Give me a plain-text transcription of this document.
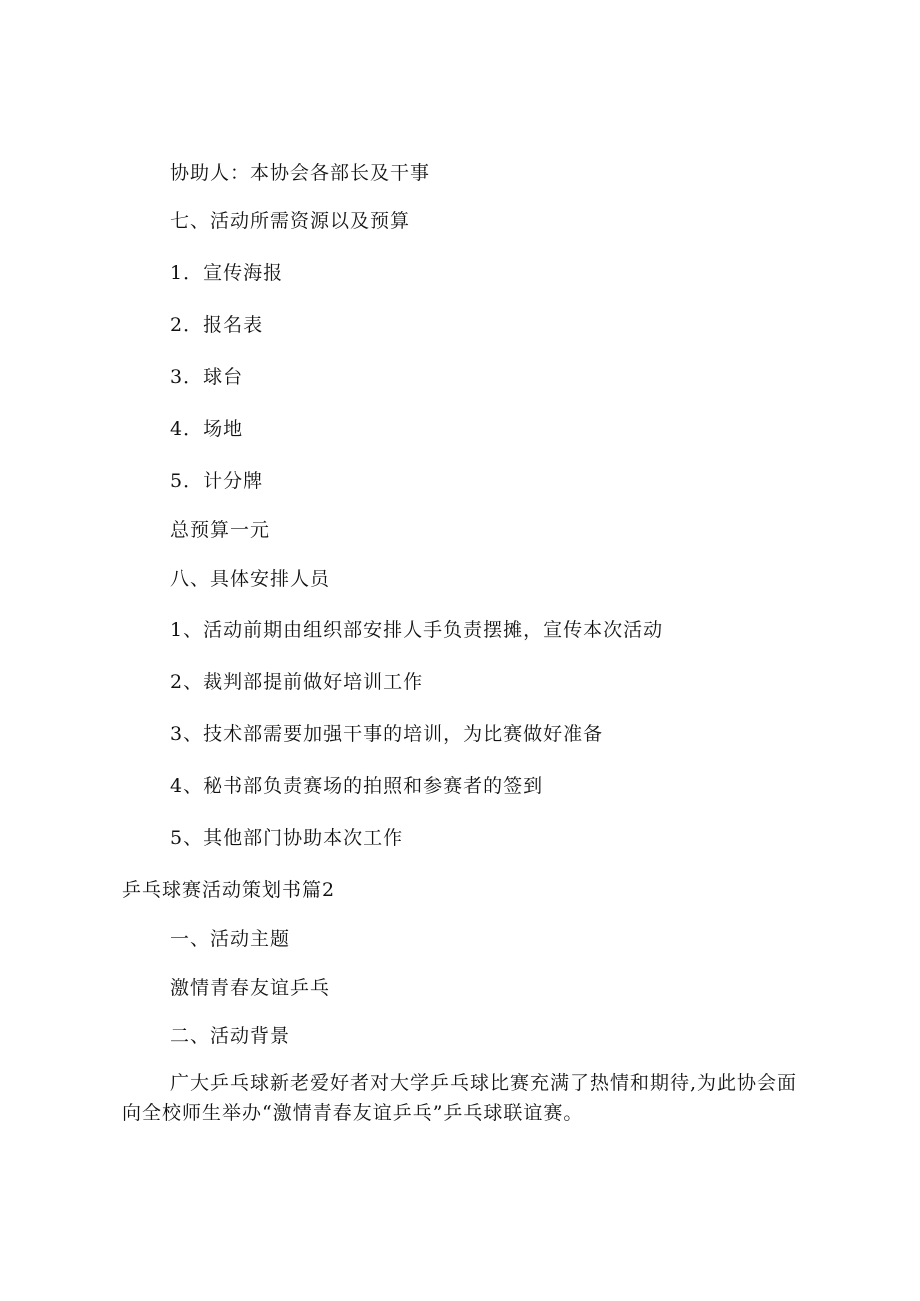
协助人：本协会各部长及干事
七、活动所需资源以及预算
1．宣传海报
2．报名表
3．球台
4．场地
5．计分牌
总预算一元
八、具体安排人员
1、活动前期由组织部安排人手负责摆摊，宣传本次活动
2、裁判部提前做好培训工作
3、技术部需要加强干事的培训，为比赛做好准备
4、秘书部负责赛场的拍照和参赛者的签到
5、其他部门协助本次工作
乒乓球赛活动策划书篇2
一、活动主题
激情青春友谊乒乓
二、活动背景
广大乒乓球新老爱好者对大学乒乓球比赛充满了热情和期待,为此协会面向全校师生举办“激情青春友谊乒乓”乒乓球联谊赛。
